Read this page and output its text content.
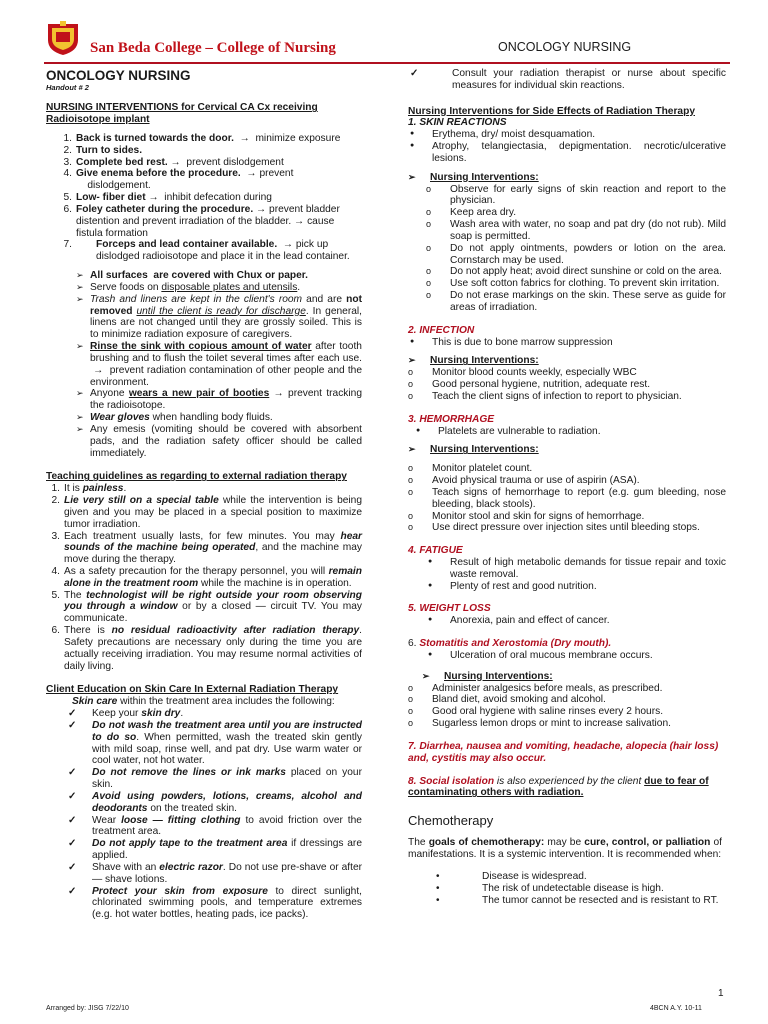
San Beda College – College of Nursing	ONCOLOGY NURSING

ONCOLOGY NURSING

Handout # 2

NURSING INTERVENTIONS for Cervical CA Cx receiving Radioisotope implant

1. Back is turned towards the door.  →  minimize exposure
2. Turn to sides.
3. Complete bed rest. →  prevent dislodgement
4. Give enema before the procedure.  → prevent
dislodgement.
5. Low- fiber diet →  inhibit defecation during
6. Foley catheter during the procedure. → prevent bladder distention and prevent irradiation of the bladder. → cause fistula formation
7.	Forceps and lead container available.  → pick up dislodged radioisotope and place it in the lead container.
➢ All surfaces  are covered with Chux or paper.
➢ Serve foods on disposable plates and utensils.
➢ Trash and linens are kept in the client's room and are not removed until the client is ready for discharge. In general, linens are not changed until they are grossly soiled. This is to minimize radiation exposure of caregivers.
➢ Rinse the sink with copious amount of water after tooth brushing and to flush the toilet several times after each use.  →  prevent radiation contamination of other people and the environment.
➢ Anyone wears a new pair of booties → prevent tracking the radioisotope.
➢ Wear gloves when handling body fluids.
➢ Any emesis (vomiting should be covered with absorbent pads, and the radiation safety officer should be called immediately.

Teaching guidelines as regarding to external radiation therapy

1. It is painless.
2. Lie very still on a special table while the intervention is being given and you may be placed in a special position to maximize tumor irradiation.
3. Each treatment usually lasts, for few minutes. You may hear sounds of the machine being operated, and the machine may move during the therapy.
4. As a safety precaution for the therapy personnel, you will remain alone in the treatment room while the machine is in operation.
5. The technologist will be right outside your room observing you through a window or by a closed — circuit TV. You may communicate.
6. There is no residual radioactivity after radiation therapy. Safety precautions are necessary only during the time you are actually receiving irradiation. You may resume normal activities of daily living.

Client Education on Skin Care In External Radiation Therapy

Skin care within the treatment area includes the following:

✓ Keep your skin dry.
✓ Do not wash the treatment area until you are instructed to do so. When permitted, wash the treated skin gently with mild soap, rinse well, and pat dry. Use warm water or cool water, not hot water.
✓ Do not remove the lines or ink marks placed on your skin.
✓ Avoid using powders, lotions, creams, alcohol and deodorants on the treated skin.
✓ Wear loose — fitting clothing to avoid friction over the treatment area.
✓ Do not apply tape to the treatment area if dressings are applied.
✓ Shave with an electric razor. Do not use pre-shave or after — shave lotions.
✓ Protect your skin from exposure to direct sunlight, chlorinated swimming pools, and temperature extremes (e.g. hot water bottles, heating pads, ice packs).
✓ Consult your radiation therapist or nurse about specific measures for individual skin reactions.

Nursing Interventions for Side Effects of Radiation Therapy

1. SKIN REACTIONS

● Erythema, dry/ moist desquamation.
● Atrophy, telangiectasia, depigmentation. necrotic/ulcerative lesions.
➢ Nursing Interventions:
o Observe for early signs of skin reaction and report to the physician.
o Keep area dry.
o Wash area with water, no soap and pat dry (do not rub). Mild soap is permitted.
o Do not apply ointments, powders or lotion on the area. Cornstarch may be used.
o Do not apply heat; avoid direct sunshine or cold on the area.
o Use soft cotton fabrics for clothing. To prevent skin irritation.
o Do not erase markings on the skin. These serve as guide for areas of irradiation.

2. INFECTION

● This is due to bone marrow suppression
➢ Nursing Interventions:
o Monitor blood counts weekly, especially WBC
o Good personal hygiene, nutrition, adequate rest.
o Teach the client signs of infection to report to physician.

3. HEMORRHAGE

● Platelets are vulnerable to radiation.
➢ Nursing Interventions:
o Monitor platelet count.
o Avoid physical trauma or use of aspirin (ASA).
o Teach signs of hemorrhage to report (e.g. gum bleeding, nose bleeding, black stools).
o Monitor stool and skin for signs of hemorrhage.
o Use direct pressure over injection sites until bleeding stops.

4. FATIGUE

● Result of high metabolic demands for tissue repair and toxic waste removal.
● Plenty of rest and good nutrition.

5. WEIGHT LOSS

● Anorexia, pain and effect of cancer.

6. Stomatitis and Xerostomia (Dry mouth).

● Ulceration of oral mucous membrane occurs.
➢ Nursing Interventions:
o Administer analgesics before meals, as prescribed.
o Bland diet, avoid smoking and alcohol.
o Good oral hygiene with saline rinses every 2 hours.
o Sugarless lemon drops or mint to increase salivation.

7. Diarrhea, nausea and vomiting, headache, alopecia (hair loss) and, cystitis may also occur.

8. Social isolation is also experienced by the client due to fear of contaminating others with radiation.

Chemotherapy

The goals of chemotherapy: may be cure, control, or palliation of manifestations. It is a systemic intervention. It is recommended when:

• Disease is widespread.
• The risk of undetectable disease is high.
• The tumor cannot be resected and is resistant to RT.
1
Arranged by: JISG 7/22/10	4BCN A.Y. 10-11
